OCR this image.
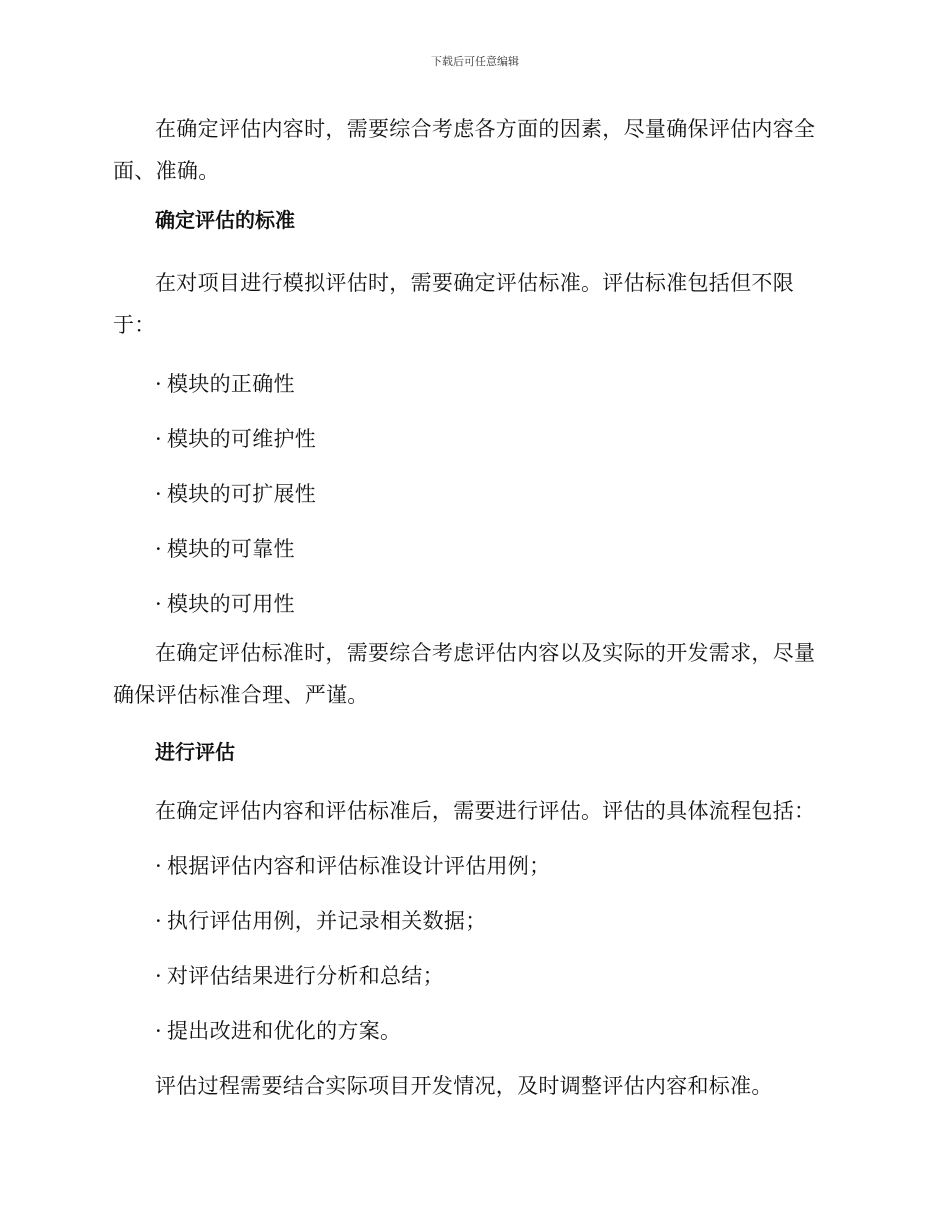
下载后可任意编辑

在确定评估内容时，需要综合考虑各方面的因素，尽量确保评估内容全面、准确。

确定评估的标准

在对项目进行模拟评估时，需要确定评估标准。评估标准包括但不限于：

· 模块的正确性
· 模块的可维护性
· 模块的可扩展性
· 模块的可靠性
· 模块的可用性

在确定评估标准时，需要综合考虑评估内容以及实际的开发需求，尽量确保评估标准合理、严谨。

进行评估

在确定评估内容和评估标准后，需要进行评估。评估的具体流程包括：

· 根据评估内容和评估标准设计评估用例；
· 执行评估用例，并记录相关数据；
· 对评估结果进行分析和总结；
· 提出改进和优化的方案。

评估过程需要结合实际项目开发情况，及时调整评估内容和标准。
